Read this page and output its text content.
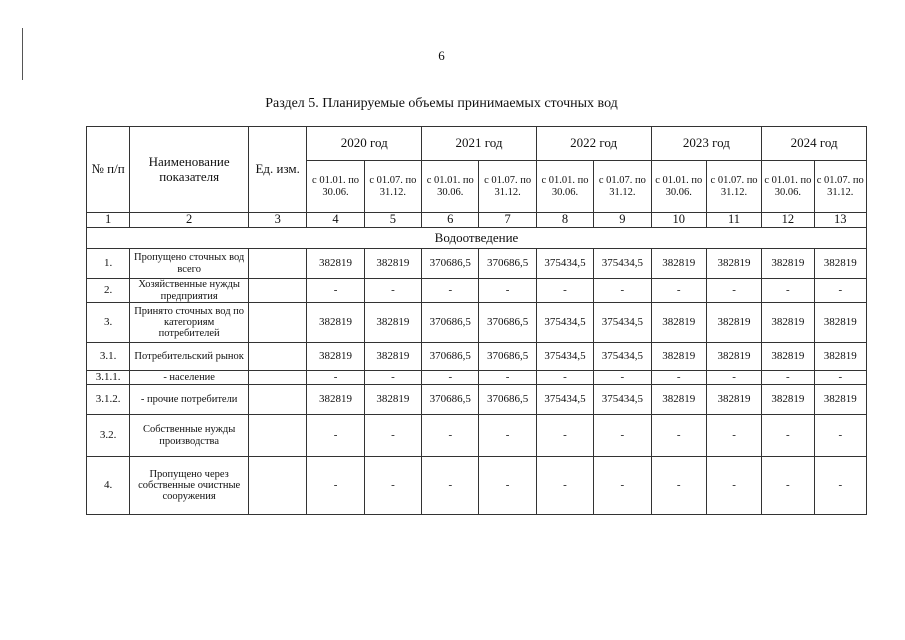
6
Раздел 5. Планируемые объемы принимаемых сточных вод
№ п/п	Наименование показателя	Ед. изм.	2020 год		2021 год		2022 год		2023 год		2024 год	
			с 01.01. по 30.06.	с 01.07. по 31.12.	с 01.01. по 30.06.	с 01.07. по 31.12.	с 01.01. по 30.06.	с 01.07. по 31.12.	с 01.01. по 30.06.	с 01.07. по 31.12.	с 01.01. по 30.06.	с 01.07. по 31.12.
1	2	3	4	5	6	7	8	9	10	11	12	13
Водоотведение												
1.	Пропущено сточных вод всего		382819	382819	370686,5	370686,5	375434,5	375434,5	382819	382819	382819	382819
2.	Хозяйственные нужды предприятия		-	-	-	-	-	-	-	-	-	-
3.	Принято сточных вод по категориям потребителей		382819	382819	370686,5	370686,5	375434,5	375434,5	382819	382819	382819	382819
3.1.	Потребительский рынок		382819	382819	370686,5	370686,5	375434,5	375434,5	382819	382819	382819	382819
3.1.1.	- население		-	-	-	-	-	-	-	-	-	-
3.1.2.	- прочие потребители		382819	382819	370686,5	370686,5	375434,5	375434,5	382819	382819	382819	382819
3.2.	Собственные нужды производства		-	-	-	-	-	-	-	-	-	-
4.	Пропущено через собственные очистные сооружения		-	-	-	-	-	-	-	-	-	-
